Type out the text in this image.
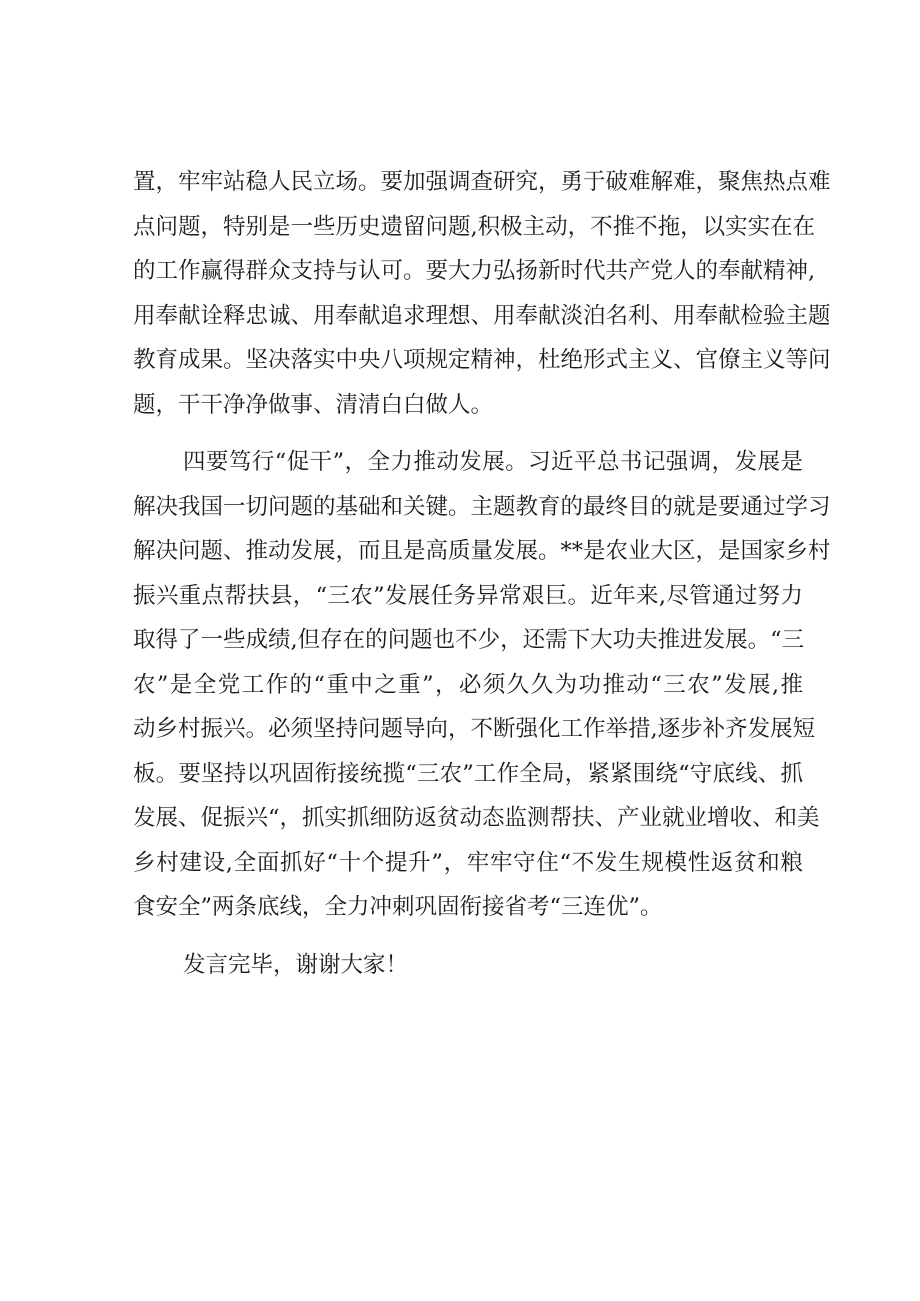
置，牢牢站稳人民立场。要加强调查研究，勇于破难解难，聚焦热点难
点问题，特别是一些历史遗留问题,积极主动，不推不拖，以实实在在
的工作赢得群众支持与认可。要大力弘扬新时代共产党人的奉献精神,
用奉献诠释忠诚、用奉献追求理想、用奉献淡泊名利、用奉献检验主题
教育成果。坚决落实中央八项规定精神，杜绝形式主义、官僚主义等问
题，干干净净做事、清清白白做人。
四要笃行“促干”，全力推动发展。习近平总书记强调，发展是
解决我国一切问题的基础和关键。主题教育的最终目的就是要通过学习
解决问题、推动发展，而且是高质量发展。**是农业大区，是国家乡村
振兴重点帮扶县，“三农”发展任务异常艰巨。近年来,尽管通过努力
取得了一些成绩,但存在的问题也不少，还需下大功夫推进发展。“三
农”是全党工作的“重中之重”，必须久久为功推动“三农”发展,推
动乡村振兴。必须坚持问题导向，不断强化工作举措,逐步补齐发展短
板。要坚持以巩固衔接统揽“三农”工作全局，紧紧围绕“守底线、抓
发展、促振兴“，抓实抓细防返贫动态监测帮扶、产业就业增收、和美
乡村建设,全面抓好“十个提升”，牢牢守住“不发生规模性返贫和粮
食安全”两条底线，全力冲刺巩固衔接省考“三连优”。
发言完毕，谢谢大家！
